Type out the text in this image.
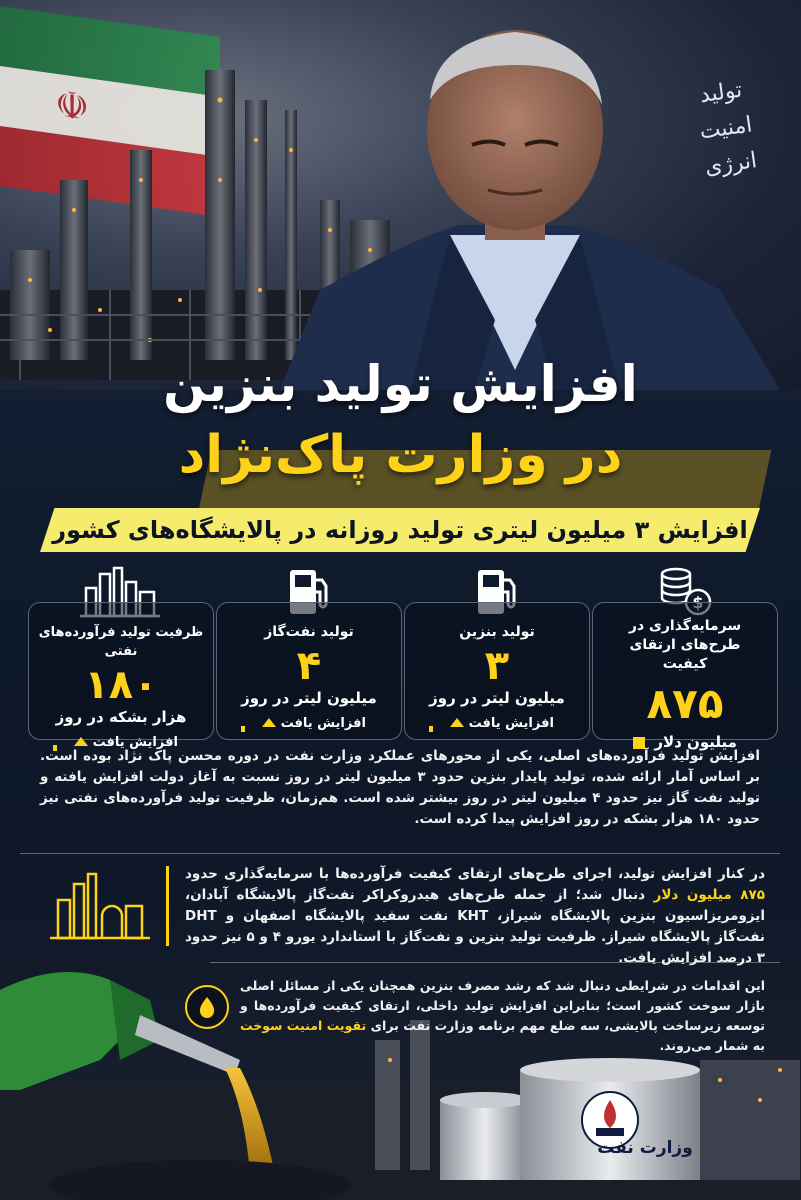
☫	تولید
امنیت
انرژی
افزایش تولید بنزین
در وزارت پاک‌نژاد
افزایش ۳ میلیون لیتری تولید روزانه در پالایشگاه‌های کشور
سرمایه‌گذاری در طرح‌های ارتقای کیفیت
۸۷۵
میلیون دلار
تولید بنزین
۳
میلیون لیتر در روز
افزایش یافت
تولید نفت‌گاز
۴
میلیون لیتر در روز
افزایش یافت
ظرفیت تولید فرآورده‌های نفتی
۱۸۰
هزار بشکه در روز
افزایش یافت
افزایش تولید فرآورده‌های اصلی، یکی از محورهای عملکرد وزارت نفت در دوره محسن پاک نژاد بوده است. بر اساس آمار ارائه شده، تولید پایدار بنزین حدود ۳ میلیون لیتر در روز نسبت به آغاز دولت افزایش یافته و تولید نفت گاز نیز حدود ۴ میلیون لیتر در روز بیشتر شده است. هم‌زمان، ظرفیت تولید فرآورده‌های نفتی نیز حدود ۱۸۰ هزار بشکه در روز افزایش پیدا کرده است.
در کنار افزایش تولید، اجرای طرح‌های ارتقای کیفیت فرآورده‌ها با سرمایه‌گذاری حدود ۸۷۵ میلیون دلار دنبال شد؛ از جمله طرح‌های هیدروکراکر نفت‌گاز پالایشگاه آبادان، ایزومریزاسیون بنزین پالایشگاه شیراز، KHT نفت سفید پالایشگاه اصفهان و DHT نفت‌گاز پالایشگاه شیراز. ظرفیت تولید بنزین و نفت‌گاز با استاندارد یورو ۴ و ۵ نیز حدود ۳ درصد افزایش یافت.
وزارت نفت
این اقدامات در شرایطی دنبال شد که رشد مصرف بنزین همچنان یکی از مسائل اصلی بازار سوخت کشور است؛ بنابراین افزایش تولید داخلی، ارتقای کیفیت فرآورده‌ها و توسعه زیرساخت پالایشی، سه ضلع مهم برنامه وزارت نفت برای تقویت امنیت سوخت به شمار می‌روند.
